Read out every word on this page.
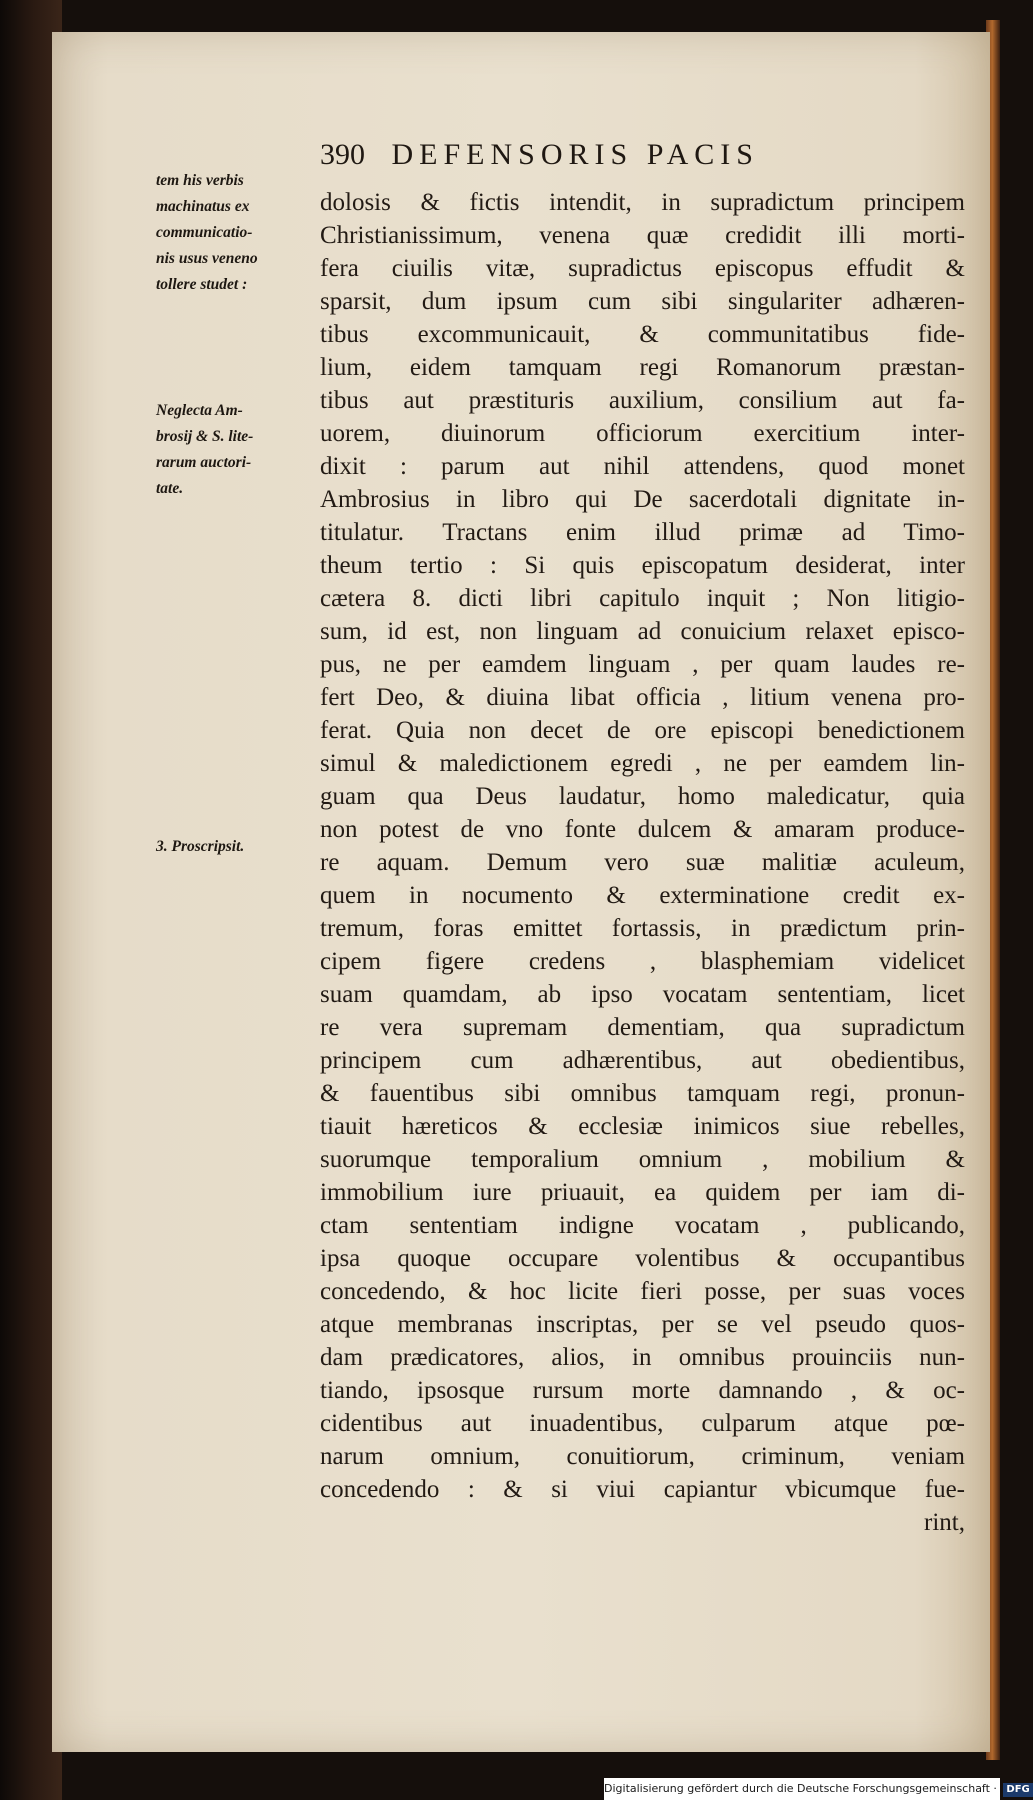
390 DEFENSORIS PACIS
tem his verbis
machinatus ex
communicatio-
nis usus veneno
tollere studet :
Neglecta Am-
brosij & S. lite-
rarum auctori-
tate.
3. Proscripsit.
dolosis & fictis intendit, in supradictum principem
Christianissimum, venena quæ credidit illi morti-
fera ciuilis vitæ, supradictus episcopus effudit &
sparsit, dum ipsum cum sibi singulariter adhæren-
tibus excommunicauit, & communitatibus fide-
lium, eidem tamquam regi Romanorum præstan-
tibus aut præstituris auxilium, consilium aut fa-
uorem, diuinorum officiorum exercitium inter-
dixit : parum aut nihil attendens, quod monet
Ambrosius in libro qui De sacerdotali dignitate in-
titulatur. Tractans enim illud primæ ad Timo-
theum tertio : Si quis episcopatum desiderat, inter
cætera 8. dicti libri capitulo inquit ; Non litigio-
sum, id est, non linguam ad conuicium relaxet episco-
pus, ne per eamdem linguam , per quam laudes re-
fert Deo, & diuina libat officia , litium venena pro-
ferat. Quia non decet de ore episcopi benedictionem
simul & maledictionem egredi , ne per eamdem lin-
guam qua Deus laudatur, homo maledicatur, quia
non potest de vno fonte dulcem & amaram produce-
re aquam. Demum vero suæ malitiæ aculeum,
quem in nocumento & exterminatione credit ex-
tremum, foras emittet fortassis, in prædictum prin-
cipem figere credens , blasphemiam videlicet
suam quamdam, ab ipso vocatam sententiam, licet
re vera supremam dementiam, qua supradictum
principem cum adhærentibus, aut obedientibus,
& fauentibus sibi omnibus tamquam regi, pronun-
tiauit hæreticos & ecclesiæ inimicos siue rebelles,
suorumque temporalium omnium , mobilium &
immobilium iure priuauit, ea quidem per iam di-
ctam sententiam indigne vocatam , publicando,
ipsa quoque occupare volentibus & occupantibus
concedendo, & hoc licite fieri posse, per suas voces
atque membranas inscriptas, per se vel pseudo quos-
dam prædicatores, alios, in omnibus prouinciis nun-
tiando, ipsosque rursum morte damnando , & oc-
cidentibus aut inuadentibus, culparum atque pœ-
narum omnium, conuitiorum, criminum, veniam
concedendo : & si viui capiantur vbicumque fue-
rint,
Digitalisierung gefördert durch die Deutsche Forschungsgemeinschaft · DFG
